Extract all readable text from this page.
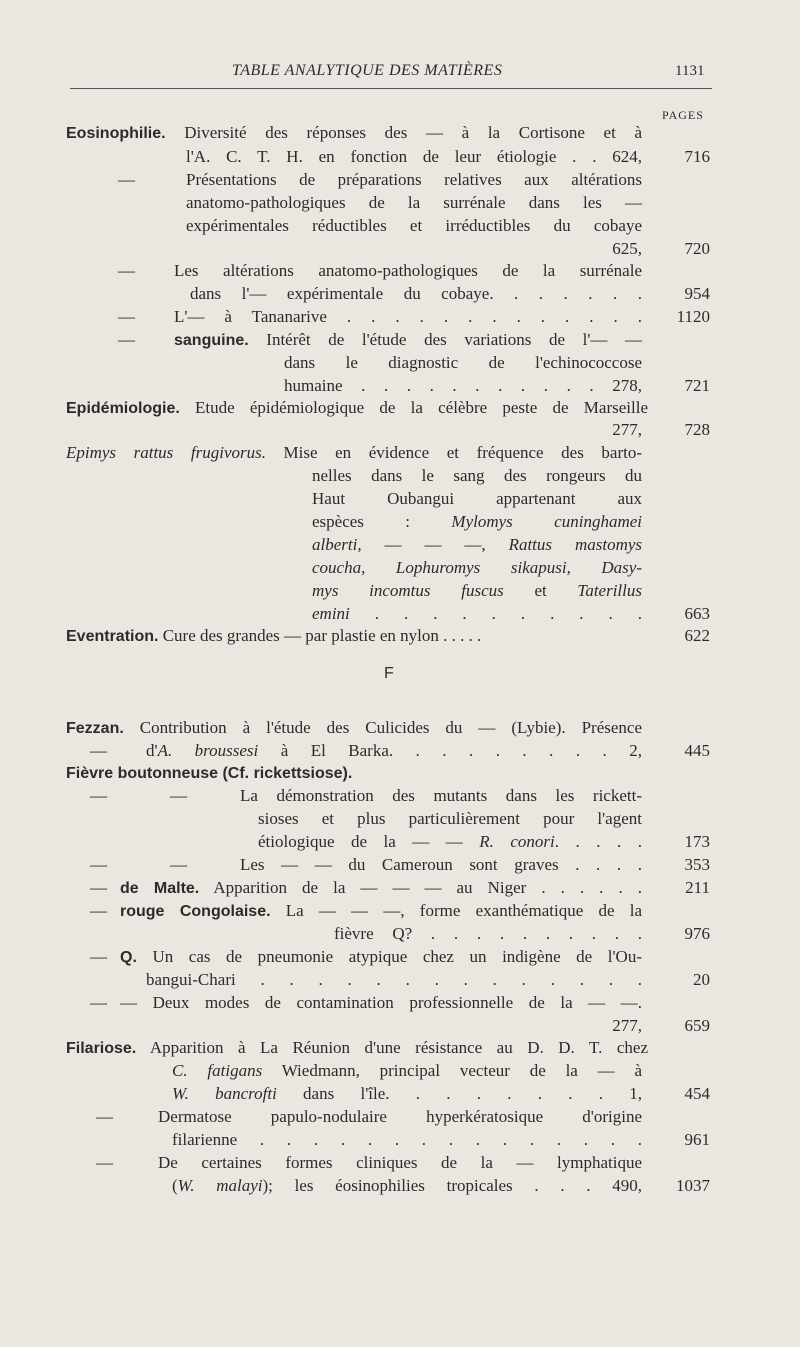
TABLE ANALYTIQUE DES MATIÈRES	1131
PAGES
Eosinophilie. Diversité des réponses des — à la Cortisone et à
l'A. C. T. H. en fonction de leur étiologie . . 624,	716
—	Présentations de préparations relatives aux altérations
anatomo-pathologiques de la surrénale dans les —
expérimentales réductibles et irréductibles du cobaye
625,	720
— Les altérations anatomo-pathologiques de la surrénale
dans l'— expérimentale du cobaye. . . . . . .	954
— L'— à Tananarive . . . . . . . . . . . . .	1120
— sanguine. Intérêt de l'étude des variations de l'— —
dans le diagnostic de l'echinococcose
humaine . . . . . . . . . . . 278,	721
Epidémiologie. Etude épidémiologique de la célèbre peste de Marseille
277,	728
Epimys rattus frugivorus. Mise en évidence et fréquence des barto-
nelles dans le sang des rongeurs du
Haut Oubangui appartenant aux
espèces : Mylomys cuninghamei
alberti, — — —, Rattus mastomys
coucha, Lophuromys sikapusi, Dasy-
mys incomtus fuscus et Taterillus
emini . . . . . . . . . .	663
Eventration. Cure des grandes — par plastie en nylon . . . . .	622
F
Fezzan. Contribution à l'étude des Culicides du — (Lybie). Présence
— d'A. broussesi à El Barka. . . . . . . . . 2,	445
Fièvre boutonneuse (Cf. rickettsiose).
—	—	La démonstration des mutants dans les rickett-
sioses et plus particulièrement pour l'agent
étiologique de la — — R. conori. . . . .	173
—	—	Les — — du Cameroun sont graves . . . .	353
— de Malte. Apparition de la — — — au Niger . . . . . .	211
— rouge Congolaise. La — — —, forme exanthématique de la
fièvre Q? . . . . . . . . . .	976
— Q. Un cas de pneumonie atypique chez un indigène de l'Ou-
bangui-Chari . . . . . . . . . . . . . .	20
— — Deux modes de contamination professionnelle de la — —.
277,	659
Filariose. Apparition à La Réunion d'une résistance au D. D. T. chez
C. fatigans Wiedmann, principal vecteur de la — à
W. bancrofti dans l'île. . . . . . . . 1,	454
—	Dermatose papulo-nodulaire hyperkératosique d'origine
filarienne . . . . . . . . . . . . . . .	961
—	De certaines formes cliniques de la — lymphatique
(W. malayi); les éosinophilies tropicales . . . 490,	1037
